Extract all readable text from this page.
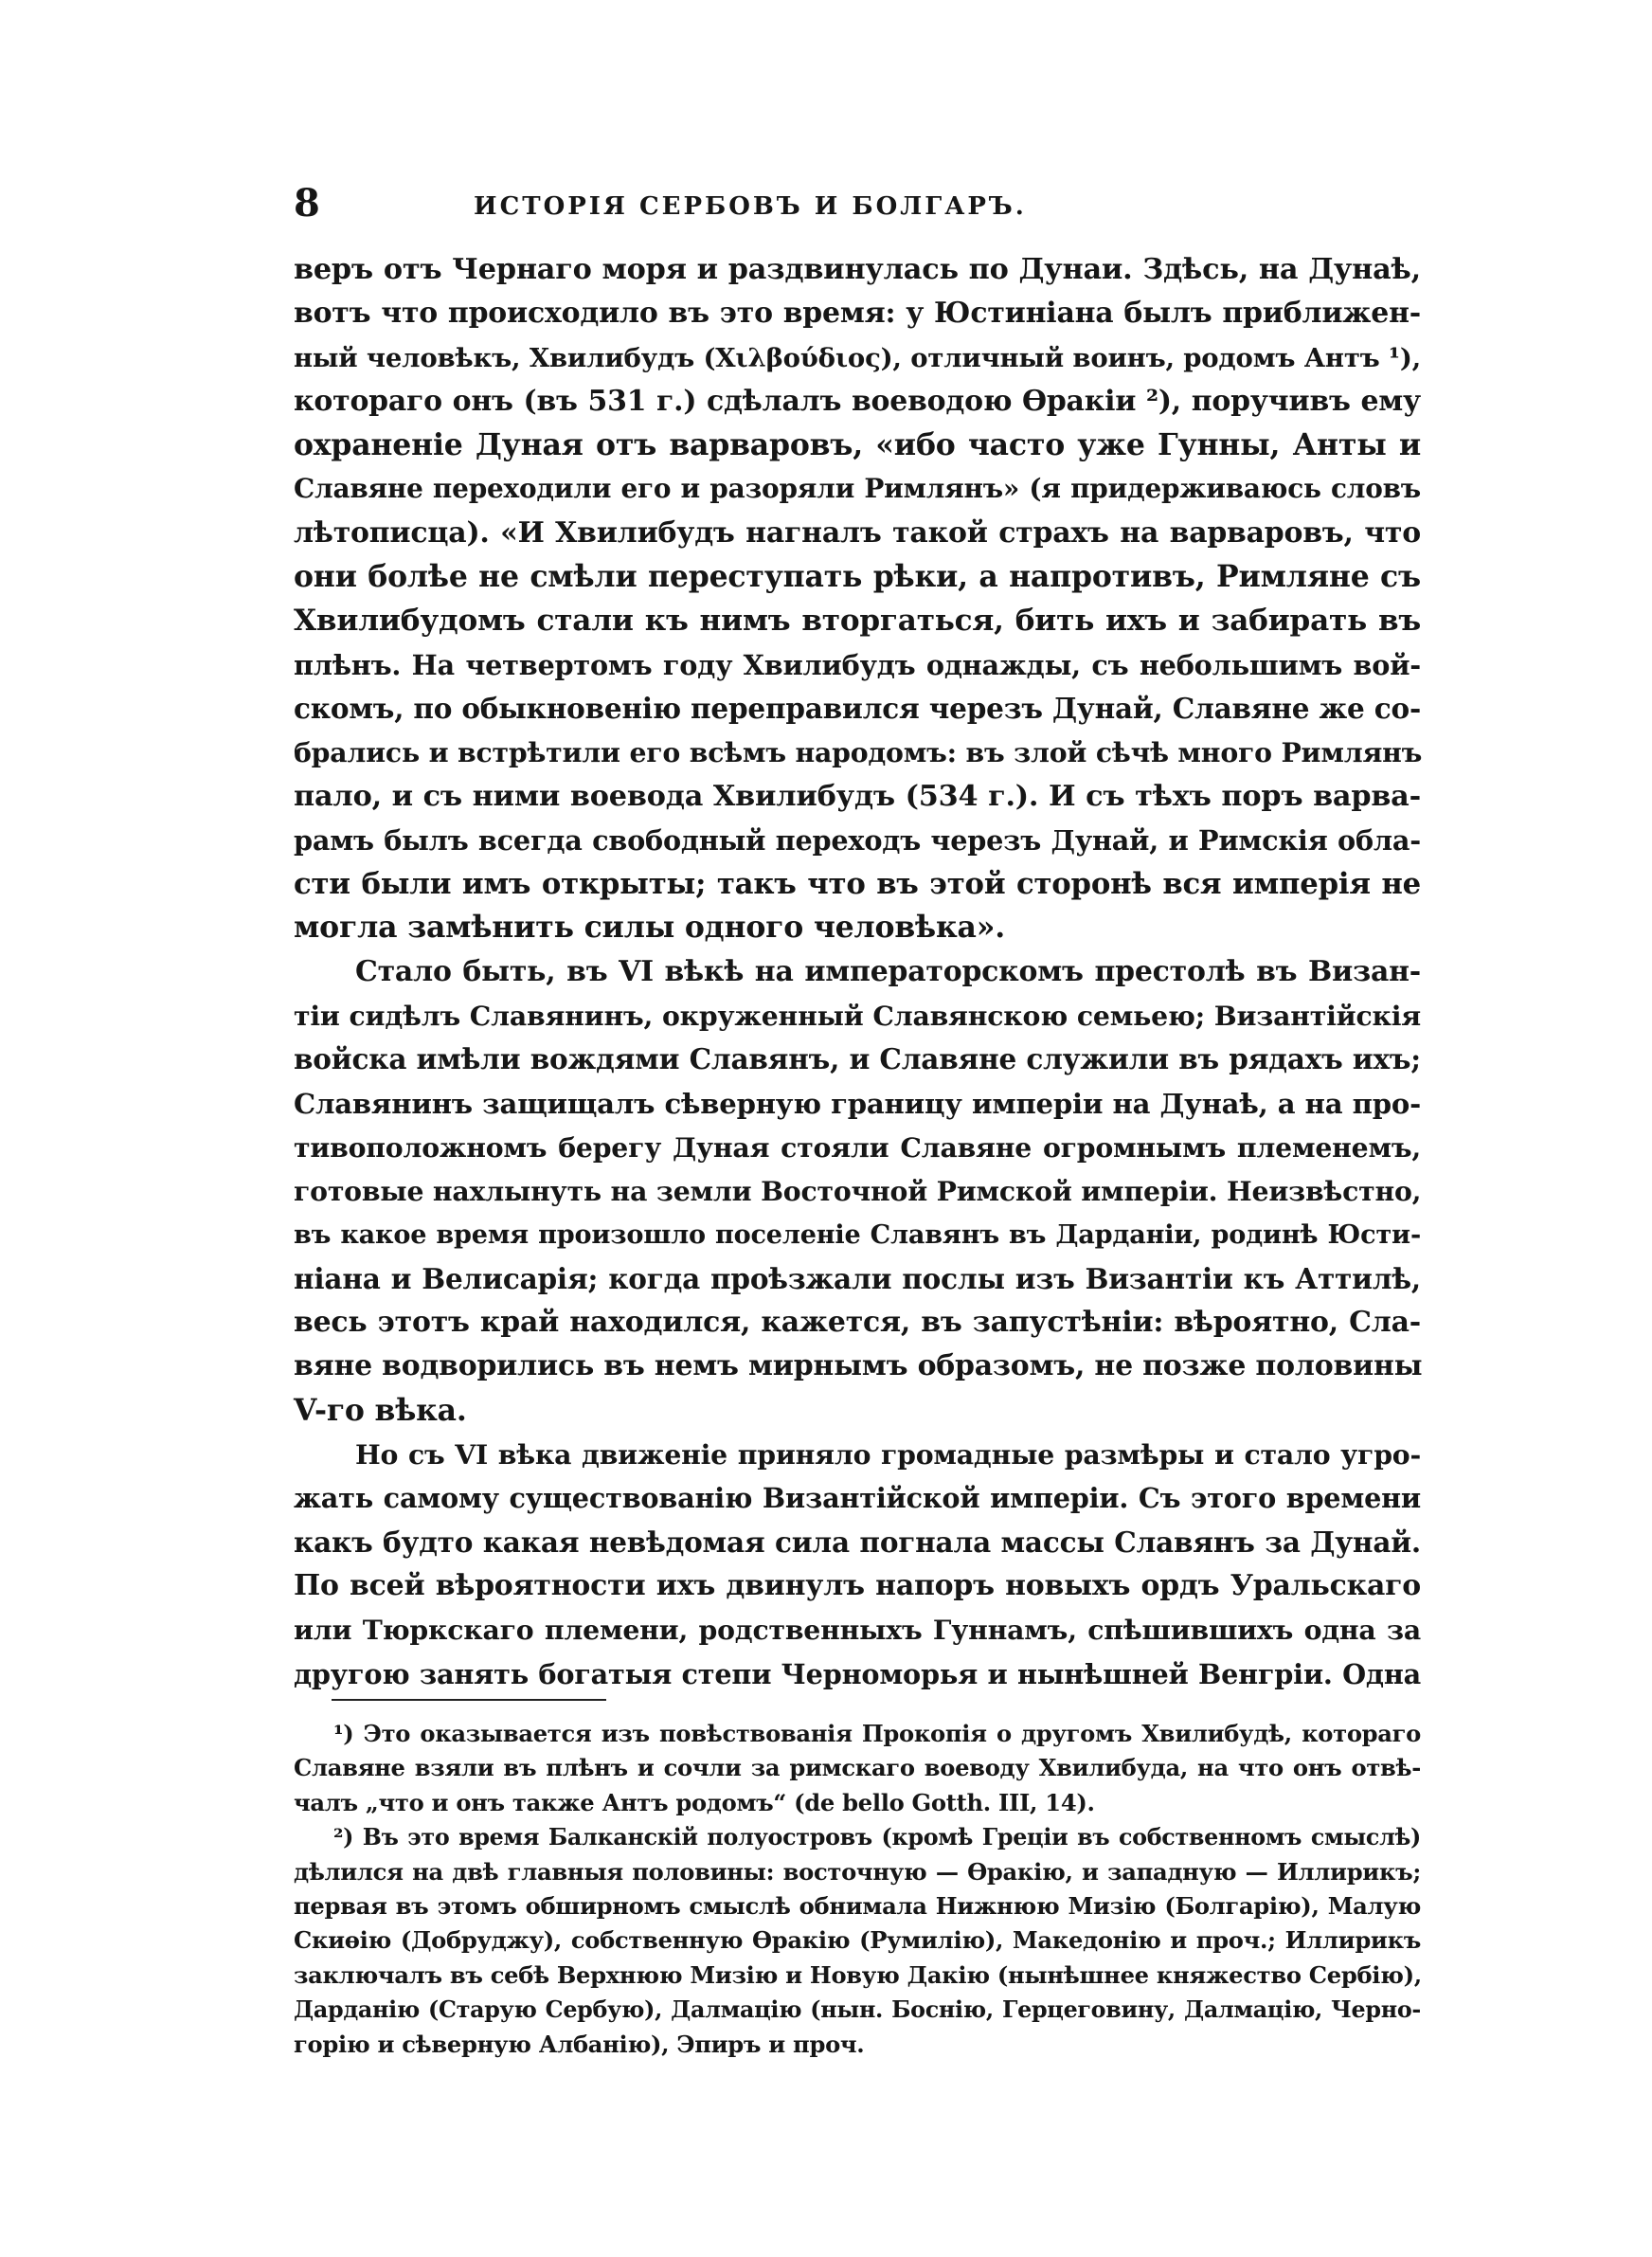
8	ИСТОРІЯ СЕРБОВЪ И БОЛГАРЪ.
веръ отъ Чернаго моря и раздвинулась по Дунаи. Здѣсь, на Дунаѣ,
вотъ что происходило въ это время: у Юстиніана былъ приближен-
ный человѣкъ, Хвилибудъ (Χιλβούδιος), отличный воинъ, родомъ Антъ ¹),
котораго онъ (въ 531 г.) сдѣлалъ воеводою Өракіи ²), поручивъ ему
охраненіе Дуная отъ варваровъ, «ибо часто уже Гунны, Анты и
Славяне переходили его и разоряли Римлянъ» (я придерживаюсь словъ
лѣтописца). «И Хвилибудъ нагналъ такой страхъ на варваровъ, что
они болѣе не смѣли переступать рѣки, а напротивъ, Римляне съ
Хвилибудомъ стали къ нимъ вторгаться, бить ихъ и забирать въ
плѣнъ. На четвертомъ году Хвилибудъ однажды, съ небольшимъ вой-
скомъ, по обыкновенію переправился черезъ Дунай, Славяне же со-
брались и встрѣтили его всѣмъ народомъ: въ злой сѣчѣ много Римлянъ
пало, и съ ними воевода Хвилибудъ (534 г.). И съ тѣхъ поръ варва-
рамъ былъ всегда свободный переходъ черезъ Дунай, и Римскія обла-
сти были имъ открыты; такъ что въ этой сторонѣ вся имперія не
могла замѣнить силы одного человѣка».
Стало быть, въ VI вѣкѣ на императорскомъ престолѣ въ Визан-
тіи сидѣлъ Славянинъ, окруженный Славянскою семьею; Византійскія
войска имѣли вождями Славянъ, и Славяне служили въ рядахъ ихъ;
Славянинъ защищалъ сѣверную границу имперіи на Дунаѣ, а на про-
тивоположномъ берегу Дуная стояли Славяне огромнымъ племенемъ,
готовые нахлынуть на земли Восточной Римской имперіи. Неизвѣстно,
въ какое время произошло поселеніе Славянъ въ Дарданіи, родинѣ Юсти-
ніана и Велисарія; когда проѣзжали послы изъ Византіи къ Аттилѣ,
весь этотъ край находился, кажется, въ запустѣніи: вѣроятно, Сла-
вяне водворились въ немъ мирнымъ образомъ, не позже половины
V-го вѣка.
Но съ VI вѣка движеніе приняло громадные размѣры и стало угро-
жать самому существованію Византійской имперіи. Съ этого времени
какъ будто какая невѣдомая сила погнала массы Славянъ за Дунай.
По всей вѣроятности ихъ двинулъ напоръ новыхъ ордъ Уральскаго
или Тюркскаго племени, родственныхъ Гуннамъ, спѣшившихъ одна за
другою занять богатыя степи Черноморья и нынѣшней Венгріи. Одна
¹) Это оказывается изъ повѣствованія Прокопія о другомъ Хвилибудѣ, котораго
Славяне взяли въ плѣнъ и сочли за римскаго воеводу Хвилибуда, на что онъ отвѣ-
чалъ „что и онъ также Антъ родомъ“ (de bello Gotth. III, 14).
²) Въ это время Балканскій полуостровъ (кромѣ Греціи въ собственномъ смыслѣ)
дѣлился на двѣ главныя половины: восточную — Өракію, и западную — Иллирикъ;
первая въ этомъ обширномъ смыслѣ обнимала Нижнюю Мизію (Болгарію), Малую
Скиөію (Добруджу), собственную Өракію (Румилію), Македонію и проч.; Иллирикъ
заключалъ въ себѣ Верхнюю Мизію и Новую Дакію (нынѣшнее княжество Сербію),
Дарданію (Старую Сербую), Далмацію (нын. Боснію, Герцеговину, Далмацію, Черно-
горію и сѣверную Албанію), Эпиръ и проч.
